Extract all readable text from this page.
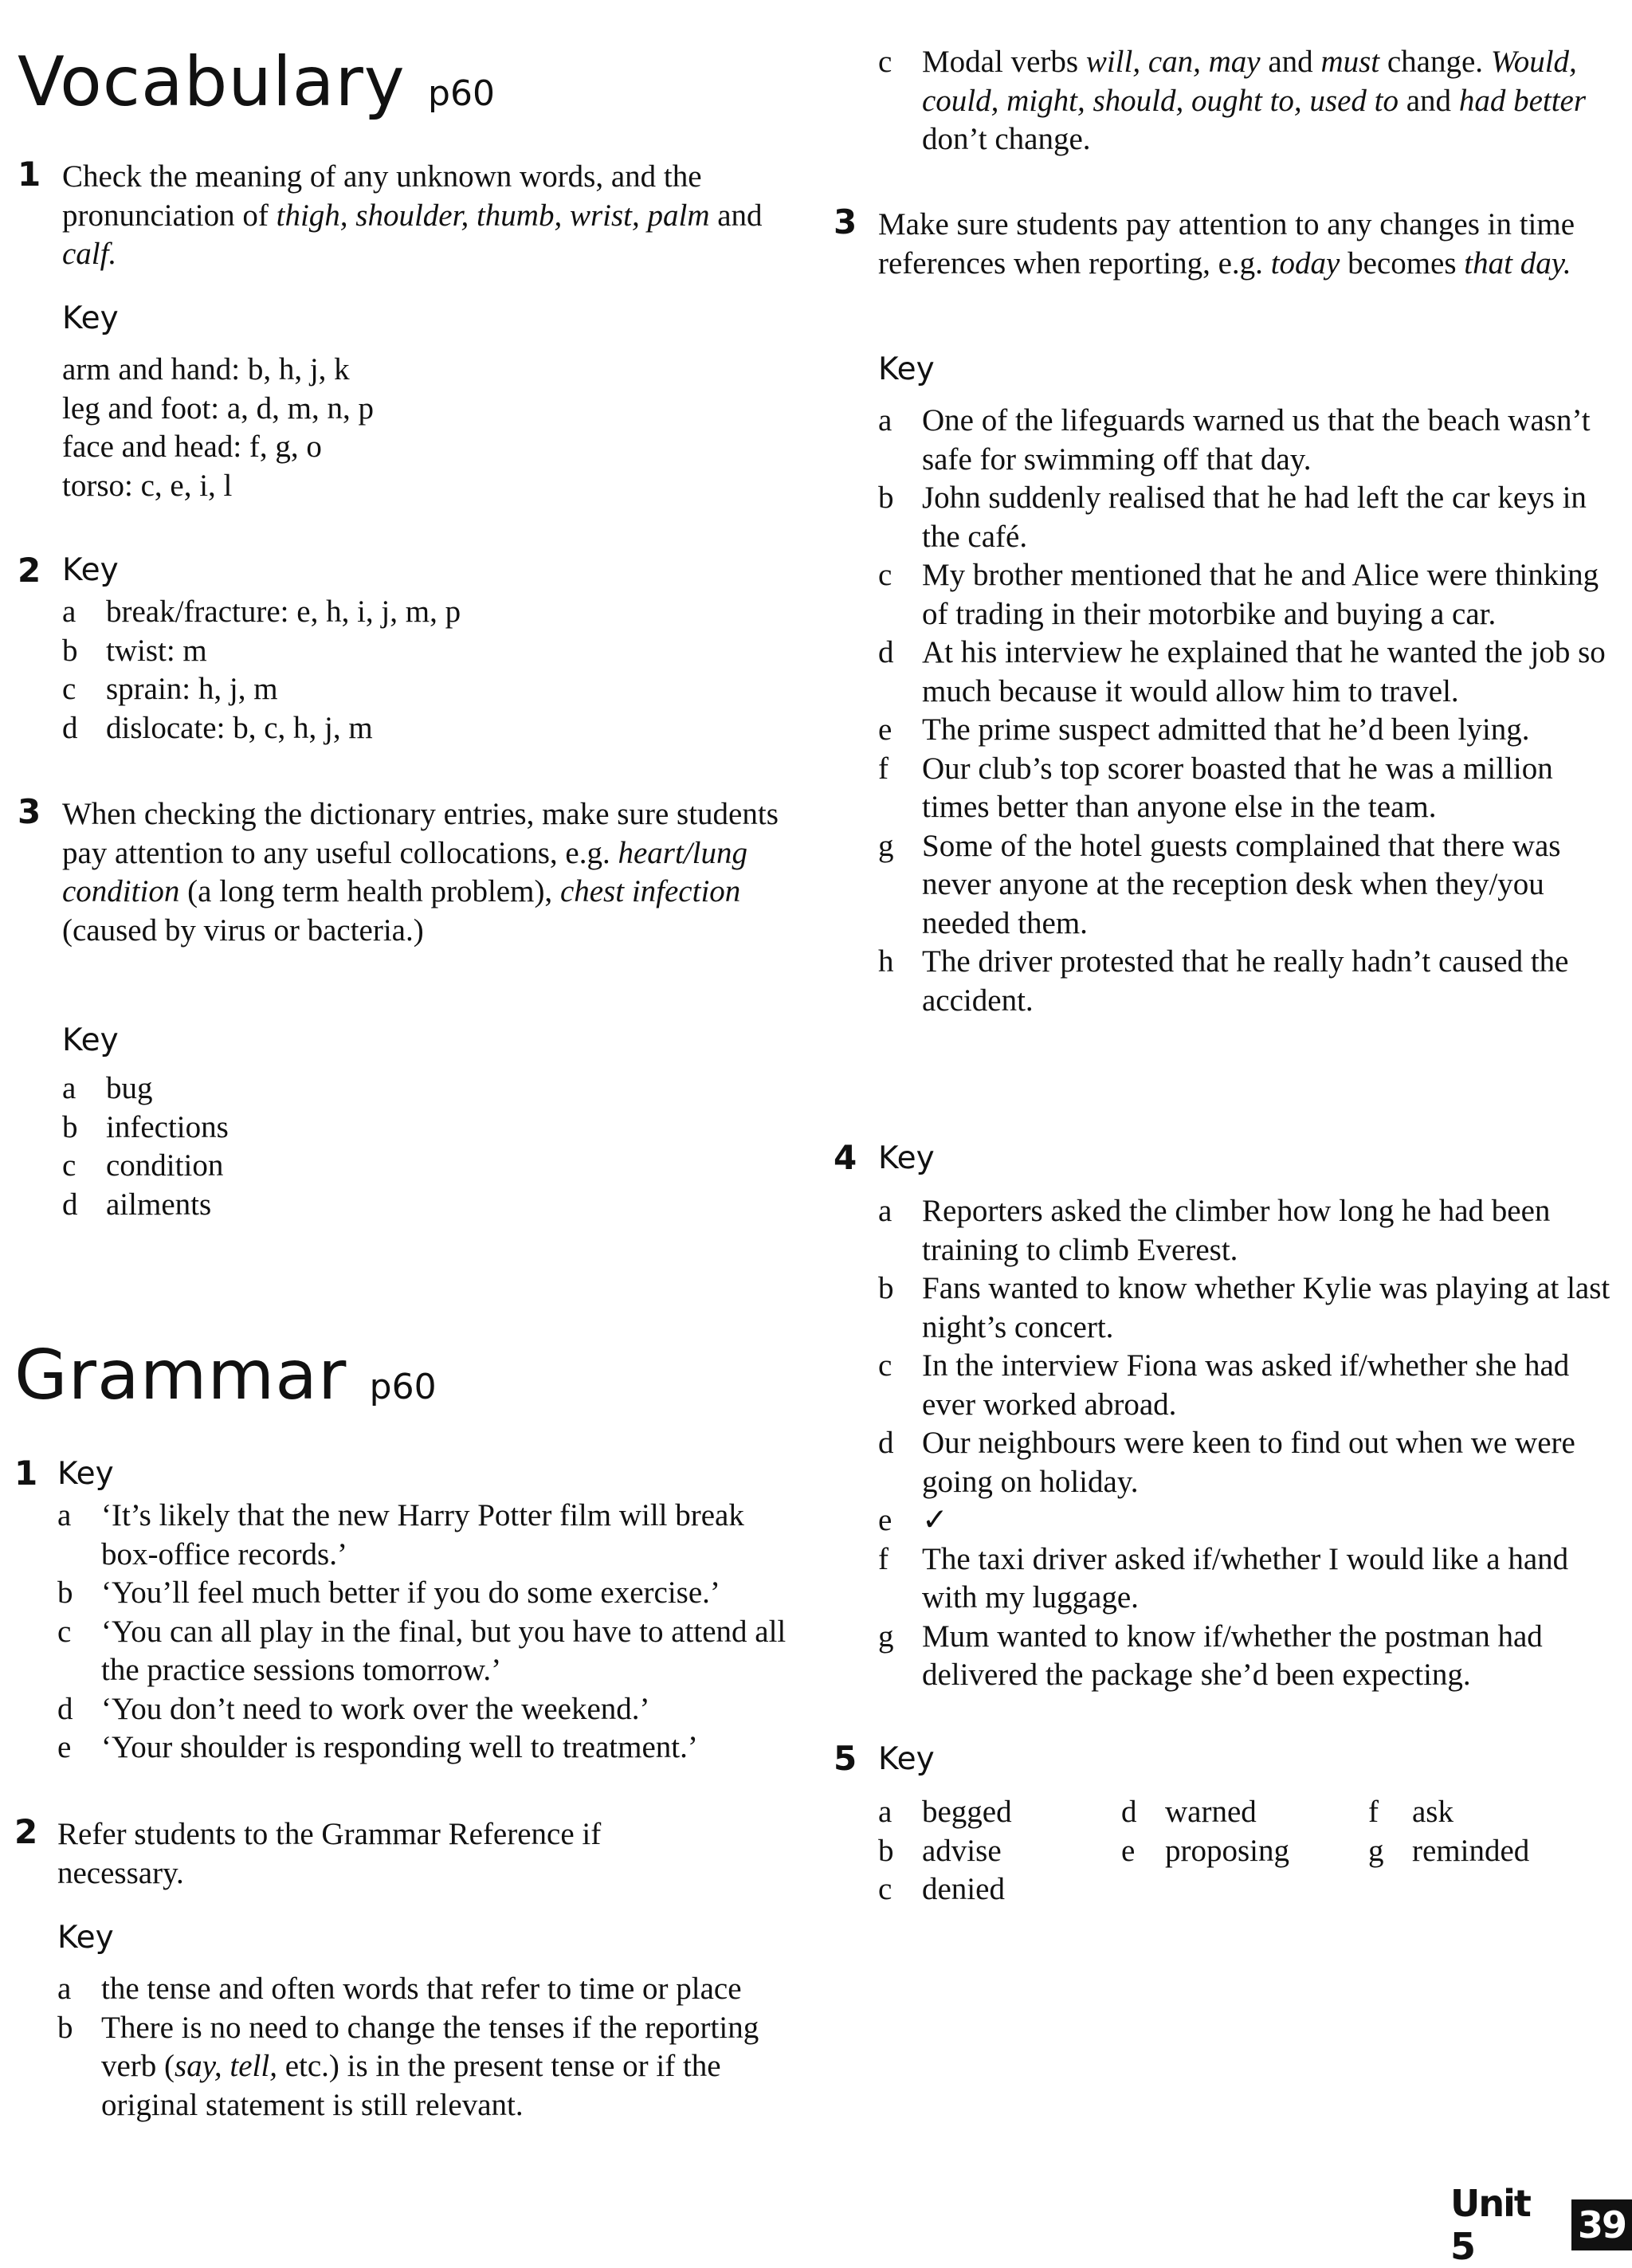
Vocabulary p60
1 Check the meaning of any unknown words, and the pronunciation of thigh, shoulder, thumb, wrist, palm and calf.
Key
arm and hand: b, h, j, k
leg and foot: a, d, m, n, p
face and head: f, g, o
torso: c, e, i, l
2 Key
a break/fracture: e, h, i, j, m, p
b twist: m
c sprain: h, j, m
d dislocate: b, c, h, j, m
3 When checking the dictionary entries, make sure students pay attention to any useful collocations, e.g. heart/lung condition (a long term health problem), chest infection (caused by virus or bacteria.)
Key
a bug
b infections
c condition
d ailments
Grammar p60
1 Key
a ‘It’s likely that the new Harry Potter film will break box-office records.’
b ‘You’ll feel much better if you do some exercise.’
c ‘You can all play in the final, but you have to attend all the practice sessions tomorrow.’
d ‘You don’t need to work over the weekend.’
e ‘Your shoulder is responding well to treatment.’
2 Refer students to the Grammar Reference if necessary.
Key
a the tense and often words that refer to time or place
b There is no need to change the tenses if the reporting verb (say, tell, etc.) is in the present tense or if the original statement is still relevant.
c Modal verbs will, can, may and must change. Would, could, might, should, ought to, used to and had better don’t change.
3 Make sure students pay attention to any changes in time references when reporting, e.g. today becomes that day.
Key
a One of the lifeguards warned us that the beach wasn’t safe for swimming off that day.
b John suddenly realised that he had left the car keys in the café.
c My brother mentioned that he and Alice were thinking of trading in their motorbike and buying a car.
d At his interview he explained that he wanted the job so much because it would allow him to travel.
e The prime suspect admitted that he’d been lying.
f Our club’s top scorer boasted that he was a million times better than anyone else in the team.
g Some of the hotel guests complained that there was never anyone at the reception desk when they/you needed them.
h The driver protested that he really hadn’t caused the accident.
4 Key
a Reporters asked the climber how long he had been training to climb Everest.
b Fans wanted to know whether Kylie was playing at last night’s concert.
c In the interview Fiona was asked if/whether she had ever worked abroad.
d Our neighbours were keen to find out when we were going on holiday.
e ✓
f The taxi driver asked if/whether I would like a hand with my luggage.
g Mum wanted to know if/whether the postman had delivered the package she’d been expecting.
5 Key
a begged	d warned	f ask
b advise	e proposing	g reminded
c denied
Unit 5	39
